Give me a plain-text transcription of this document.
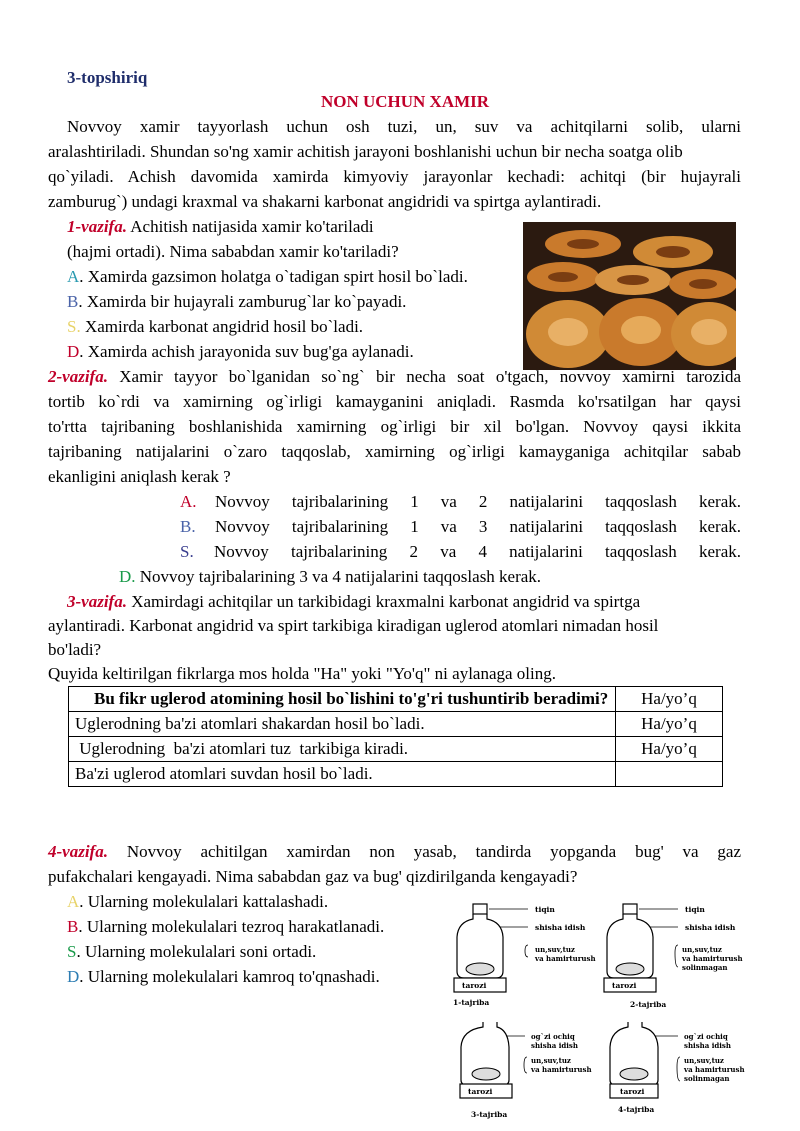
3-topshiriq
NON UCHUN XAMIR
Novvoy xamir tayyorlash uchun osh tuzi, un, suv va achitqilarni solib, ularni
aralashtiriladi. Shundan so'ng xamir achitish jarayoni boshlanishi uchun bir necha soatga olib
qo`yiladi. Achish davomida xamirda kimyoviy jarayonlar kechadi: achitqi (bir hujayrali
zamburug`) undagi kraxmal va shakarni karbonat angidridi va spirtga aylantiradi.
1-vazifa. Achitish natijasida xamir ko'tariladi
(hajmi ortadi). Nima sababdan xamir ko'tariladi?
A. Xamirda gazsimon holatga o`tadigan spirt hosil bo`ladi.
B. Xamirda bir hujayrali zamburug`lar ko`payadi.
S. Xamirda karbonat angidrid hosil bo`ladi.
D. Xamirda achish jarayonida suv bug'ga aylanadi.
2-vazifa. Xamir tayyor bo`lganidan so`ng` bir necha soat o'tgach, novvoy xamirni tarozida
tortib ko`rdi va xamirning og`irligi kamayganini aniqladi. Rasmda ko'rsatilgan har qaysi
to'rtta tajribaning boshlanishida xamirning og`irligi bir xil bo'lgan. Novvoy qaysi ikkita
tajribaning natijalarini o`zaro taqqoslab, xamirning og`irligi kamayganiga achitqilar sabab
ekanligini aniqlash kerak ?
A. Novvoy tajribalarining 1 va 2 natijalarini taqqoslash kerak.
B. Novvoy tajribalarining 1 va 3 natijalarini taqqoslash kerak.
S. Novvoy tajribalarining 2 va 4 natijalarini taqqoslash kerak.
D. Novvoy tajribalarining 3 va 4 natijalarini taqqoslash kerak.
3-vazifa. Xamirdagi achitqilar un tarkibidagi kraxmalni karbonat angidrid va spirtga
aylantiradi. Karbonat angidrid va spirt tarkibiga kiradigan uglerod atomlari nimadan hosil
bo'ladi?
Quyida keltirilgan fikrlarga mos holda "Ha" yoki "Yo'q" ni aylanaga oling.
Bu fikr uglerod atomining hosil bo`lishini to'g'ri tushuntirib beradimi?	Ha/yo’q
Uglerodning ba'zi atomlari shakardan hosil bo`ladi.	Ha/yo’q
Uglerodning  ba'zi atomlari tuz  tarkibiga kiradi.	Ha/yo’q
Ba'zi uglerod atomlari suvdan hosil bo`ladi.	
4-vazifa. Novvoy achitilgan xamirdan non yasab, tandirda yopganda bug' va gaz
pufakchalari kengayadi. Nima sababdan gaz va bug' qizdirilganda kengayadi?
A. Ularning molekulalari kattalashadi.
B. Ularning molekulalari tezroq harakatlanadi.
S. Ularning molekulalari soni ortadi.
D. Ularning molekulalari kamroq to'qnashadi.	tarozi
tiqin
shisha idish
un,suv,tuz
va hamirturush
1-tajriba
tarozi
tiqin
shisha idish
un,suv,tuz
va hamirturush
solinmagan
2-tajriba
tarozi
og`zi ochiq
shisha idish
un,suv,tuz
va hamirturush
3-tajriba
tarozi
og`zi ochiq
shisha idish
un,suv,tuz
va hamirturush
solinmagan
4-tajriba
